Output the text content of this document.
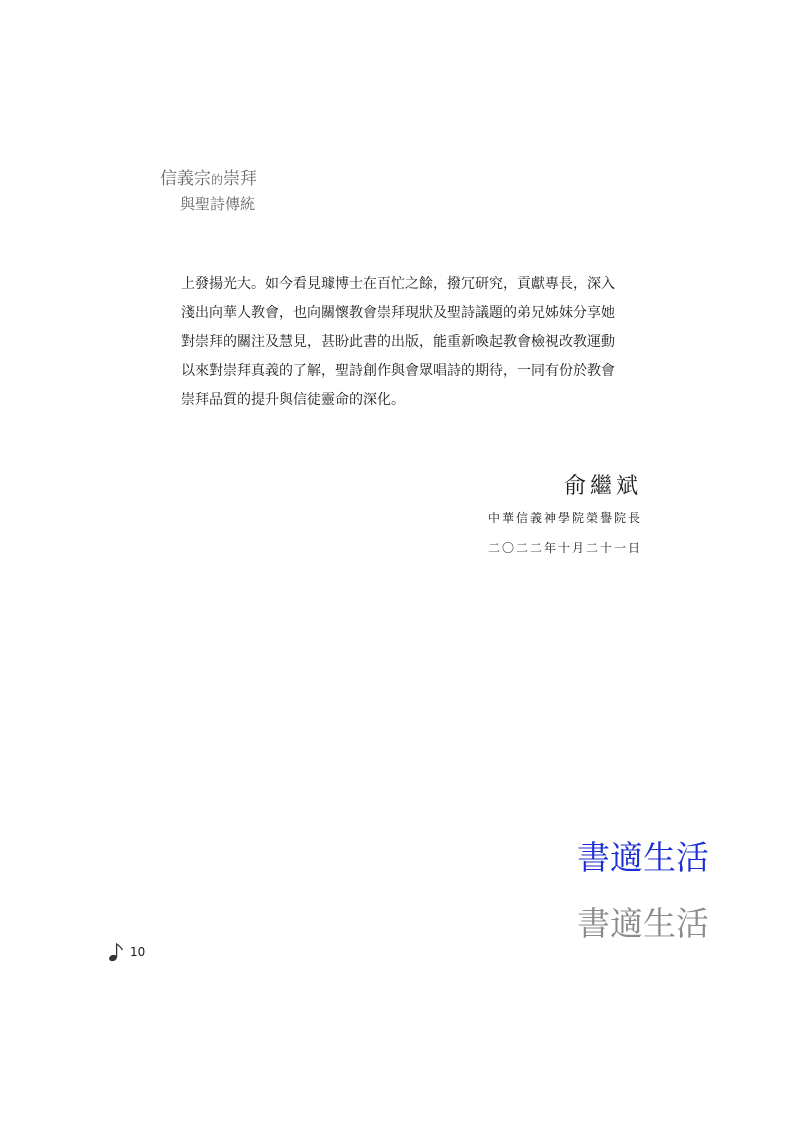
信義宗的崇拜
與聖詩傳統
上發揚光大。如今看見璩博士在百忙之餘，撥冗研究，貢獻專長，深入
淺出向華人教會，也向關懷教會崇拜現狀及聖詩議題的弟兄姊妹分享她
對崇拜的關注及慧見，甚盼此書的出版，能重新喚起教會檢視改教運動
以來對崇拜真義的了解，聖詩創作與會眾唱詩的期待，一同有份於教會
崇拜品質的提升與信徒靈命的深化。
俞繼斌
中華信義神學院榮譽院長
二〇二二年十月二十一日
書適生活
書適生活
10
